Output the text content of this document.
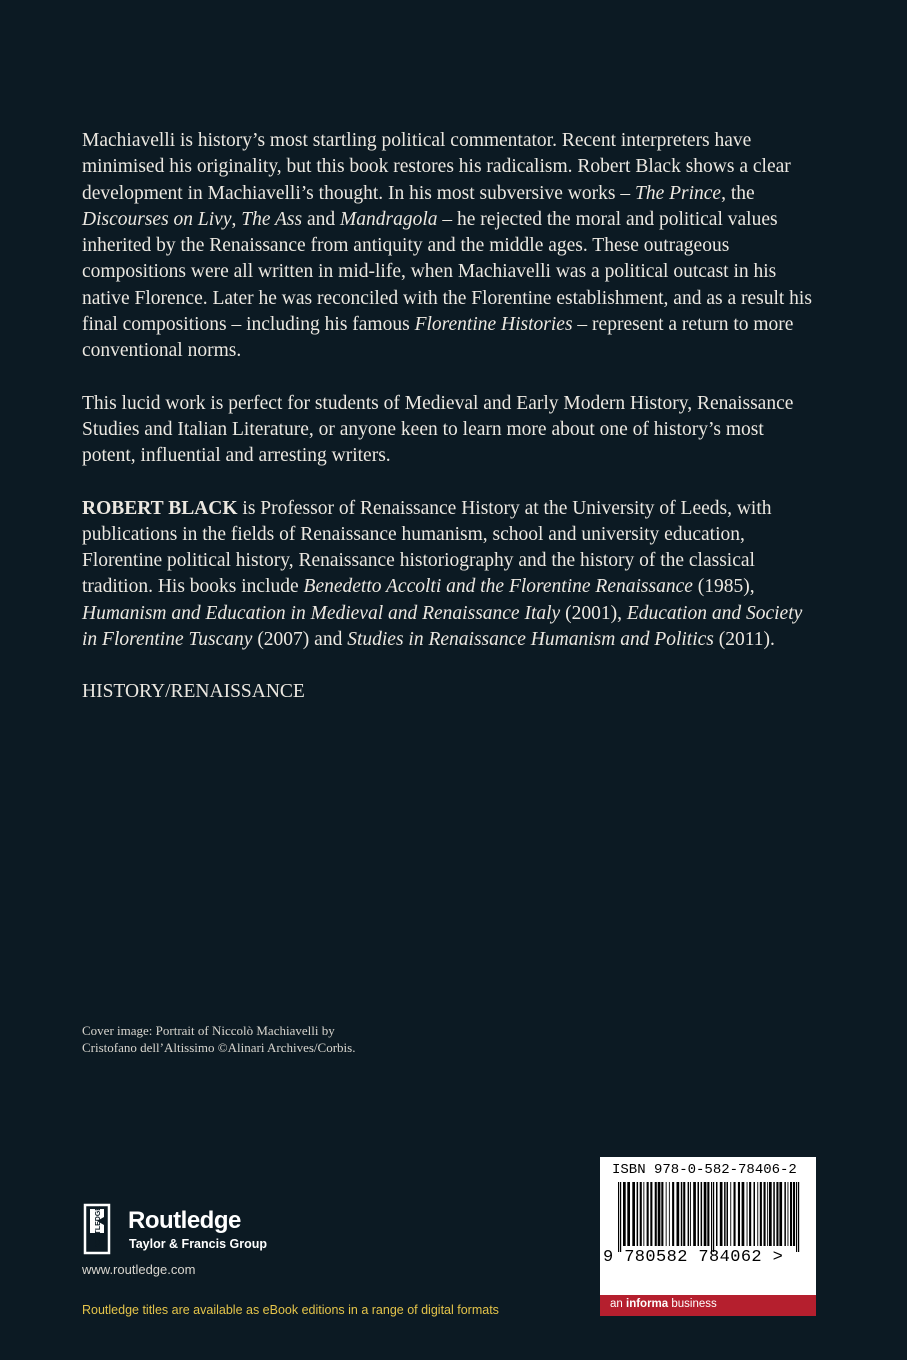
Machiavelli is history’s most startling political commentator. Recent interpreters have minimised his originality, but this book restores his radicalism. Robert Black shows a clear development in Machiavelli’s thought. In his most subversive works – The Prince, the Discourses on Livy, The Ass and Mandragola – he rejected the moral and political values inherited by the Renaissance from antiquity and the middle ages. These outrageous compositions were all written in mid-life, when Machiavelli was a political outcast in his native Florence. Later he was reconciled with the Florentine establishment, and as a result his final compositions – including his famous Florentine Histories – represent a return to more conventional norms.

This lucid work is perfect for students of Medieval and Early Modern History, Renaissance Studies and Italian Literature, or anyone keen to learn more about one of history’s most potent, influential and arresting writers.

ROBERT BLACK is Professor of Renaissance History at the University of Leeds, with publications in the fields of Renaissance humanism, school and university education, Florentine political history, Renaissance historiography and the history of the classical tradition. His books include Benedetto Accolti and the Florentine Renaissance (1985), Humanism and Education in Medieval and Renaissance Italy (2001), Education and Society in Florentine Tuscany (2007) and Studies in Renaissance Humanism and Politics (2011).

HISTORY/RENAISSANCE

Cover image: Portrait of Niccolò Machiavelli by
Cristofano dell’Altissimo ©Alinari Archives/Corbis.
ROUTLEDGE Routledge
Taylor & Francis Group
www.routledge.com
Routledge titles are available as eBook editions in a range of digital formats
ISBN 978-0-582-78406-2
9 780582 784062 >
an informa business
